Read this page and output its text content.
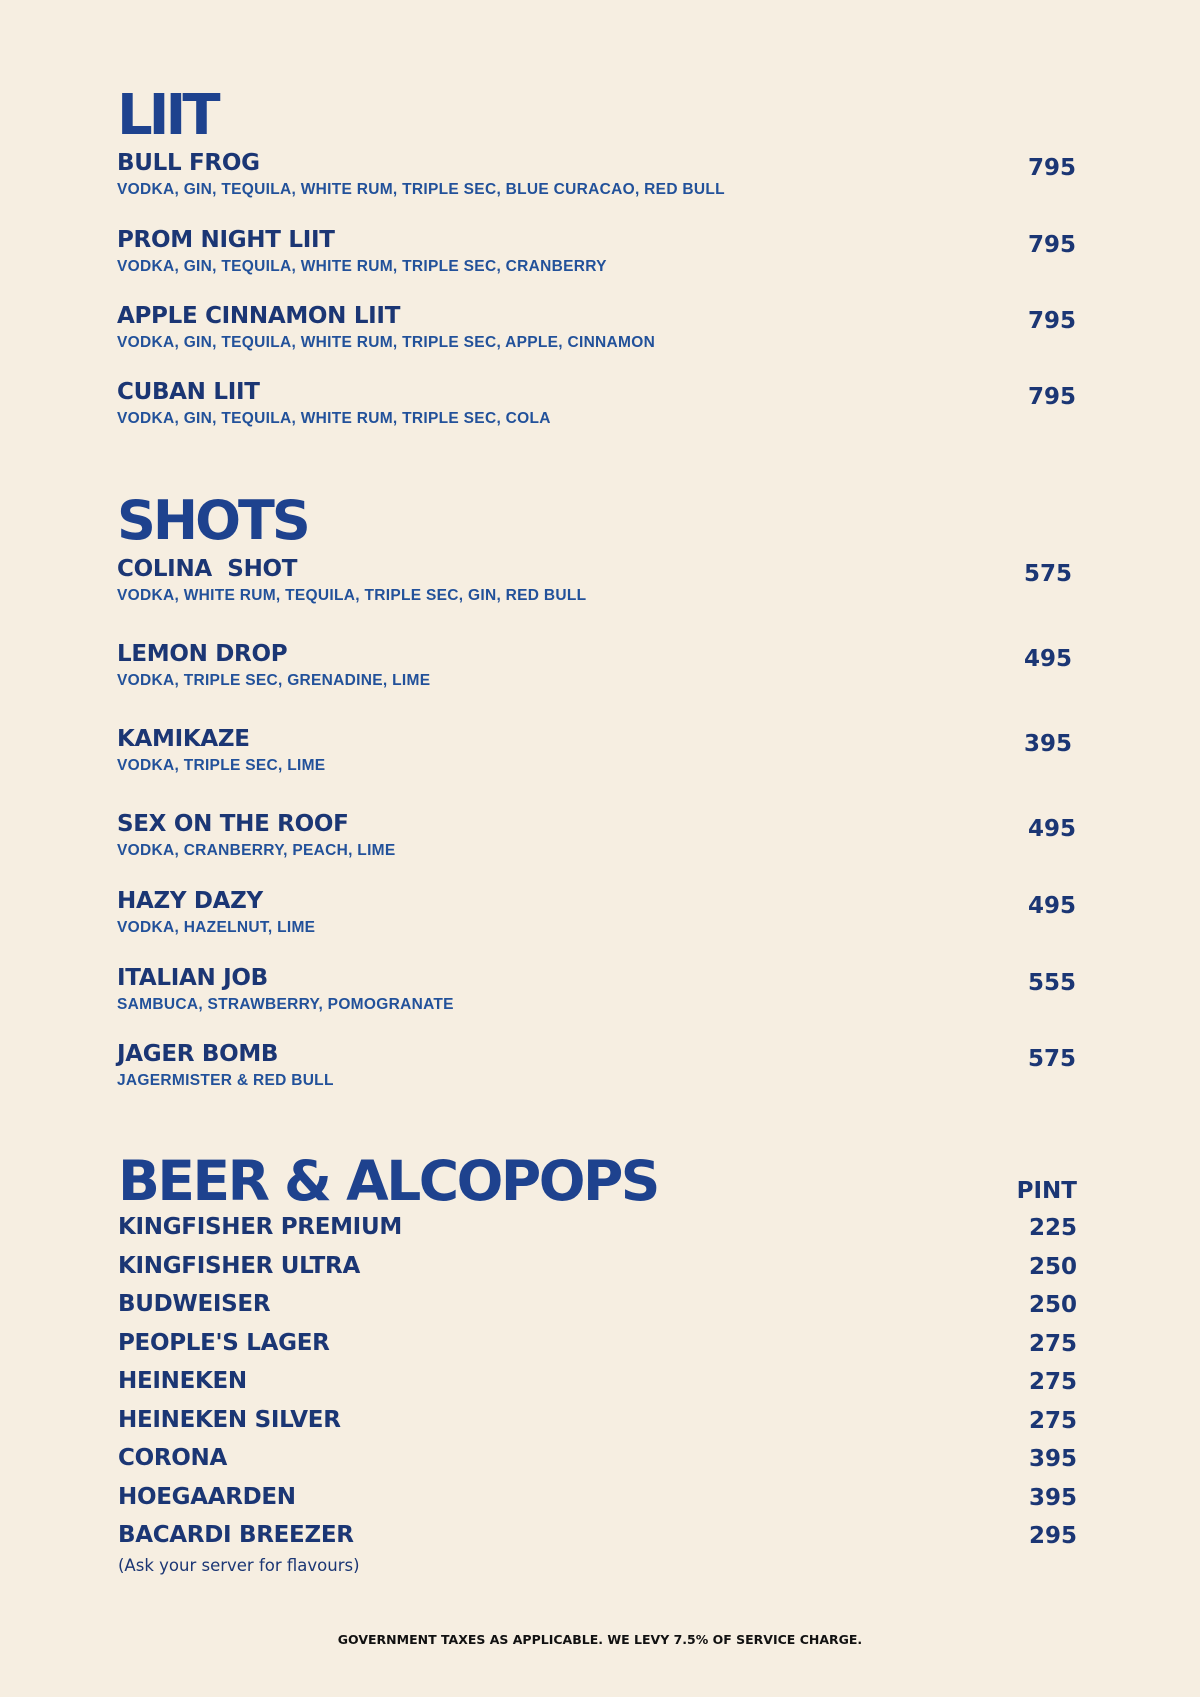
LIIT
BULL FROG
VODKA, GIN, TEQUILA, WHITE RUM, TRIPLE SEC, BLUE CURACAO, RED BULL
795
PROM NIGHT LIIT
VODKA, GIN, TEQUILA, WHITE RUM, TRIPLE SEC, CRANBERRY
795
APPLE CINNAMON LIIT
VODKA, GIN, TEQUILA, WHITE RUM, TRIPLE SEC, APPLE, CINNAMON
795
CUBAN LIIT
VODKA, GIN, TEQUILA, WHITE RUM, TRIPLE SEC, COLA
795
SHOTS
COLINA  SHOT
VODKA, WHITE RUM, TEQUILA, TRIPLE SEC, GIN, RED BULL
575
LEMON DROP
VODKA, TRIPLE SEC, GRENADINE, LIME
495
KAMIKAZE
VODKA, TRIPLE SEC, LIME
395
SEX ON THE ROOF
VODKA, CRANBERRY, PEACH, LIME
495
HAZY DAZY
VODKA, HAZELNUT, LIME
495
ITALIAN JOB
SAMBUCA, STRAWBERRY, POMOGRANATE
555
JAGER BOMB
JAGERMISTER & RED BULL
575
BEER & ALCOPOPS	PINT
KINGFISHER PREMIUM	225
KINGFISHER ULTRA	250
BUDWEISER	250
PEOPLE'S LAGER	275
HEINEKEN	275
HEINEKEN SILVER	275
CORONA	395
HOEGAARDEN	395
BACARDI BREEZER	295
(Ask your server for flavours)
GOVERNMENT TAXES AS APPLICABLE. WE LEVY 7.5% OF SERVICE CHARGE.
